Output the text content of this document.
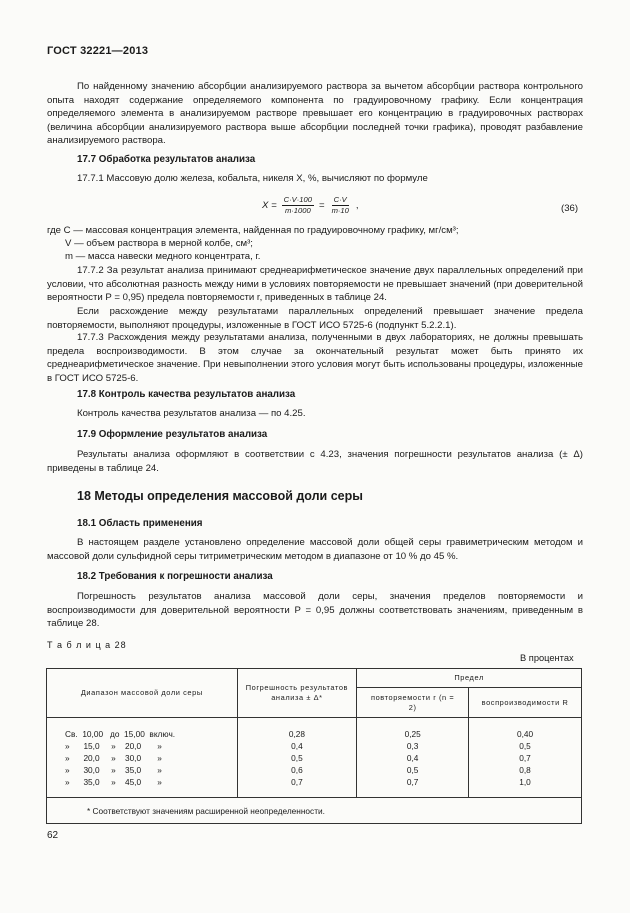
ГОСТ 32221—2013

По найденному значению абсорбции анализируемого раствора за вычетом абсорбции раствора контрольного опыта находят содержание определяемого компонента по градуировочному графику. Если концентрация определяемого элемента в анализируемом растворе превышает его концентрацию в градуировочных растворах (величина абсорбции анализируемого раствора выше абсорбции последней точки графика), проводят разбавление анализируемого раствора.

17.7 Обработка результатов анализа

17.7.1 Массовую долю железа, кобальта, никеля X, %, вычисляют по формуле

$X = \frac{C\cdot V\cdot 100}{m\cdot 1000} = \frac{C\cdot V}{m\cdot 10}$ ,	(36)
где C — массовая концентрация элемента, найденная по градуировочному графику, мг/см³;
V — объем раствора в мерной колбе, см³;
m — масса навески медного концентрата, г.

17.7.2 За результат анализа принимают среднеарифметическое значение двух параллельных определений при условии, что абсолютная разность между ними в условиях повторяемости не превышает значений (при доверительной вероятности P = 0,95) предела повторяемости r, приведенных в таблице 24.

Если расхождение между результатами параллельных определений превышает значение предела повторяемости, выполняют процедуры, изложенные в ГОСТ ИСО 5725-6 (подпункт 5.2.2.1).

17.7.3 Расхождения между результатами анализа, полученными в двух лабораториях, не должны превышать предела воспроизводимости. В этом случае за окончательный результат может быть принято их среднеарифметическое значение. При невыполнении этого условия могут быть использованы процедуры, изложенные в ГОСТ ИСО 5725-6.

17.8 Контроль качества результатов анализа

Контроль качества результатов анализа — по 4.25.

17.9 Оформление результатов анализа

Результаты анализа оформляют в соответствии с 4.23, значения погрешности результатов анализа (± Δ) приведены в таблице 24.

18 Методы определения массовой доли серы
18.1 Область применения

В настоящем разделе установлено определение массовой доли общей серы гравиметрическим методом и массовой доли сульфидной серы титриметрическим методом в диапазоне от 10 % до 45 %.

18.2 Требования к погрешности анализа

Погрешность результатов анализа массовой доли серы, значения пределов повторяемости и воспроизводимости для доверительной вероятности P = 0,95 должны соответствовать значениям, приведенным в таблице 28.

Т а б л и ц а 28
В процентах
Диапазон массовой доли серы	Погрешность результатов анализа ± Δ*	Предел	
		повторяемости r (n = 2)	воспроизводимости R

Св.  10,00   до  15,00  включ.	0,28	0,25	0,40
»      15,0     »    20,0       »	0,4	0,3	0,5
»      20,0     »    30,0       »	0,5	0,4	0,7
»      30,0     »    35,0       »	0,6	0,5	0,8
»      35,0     »    45,0       »	0,7	0,7	1,0

* Соответствуют значениям расширенной неопределенности.			
62
